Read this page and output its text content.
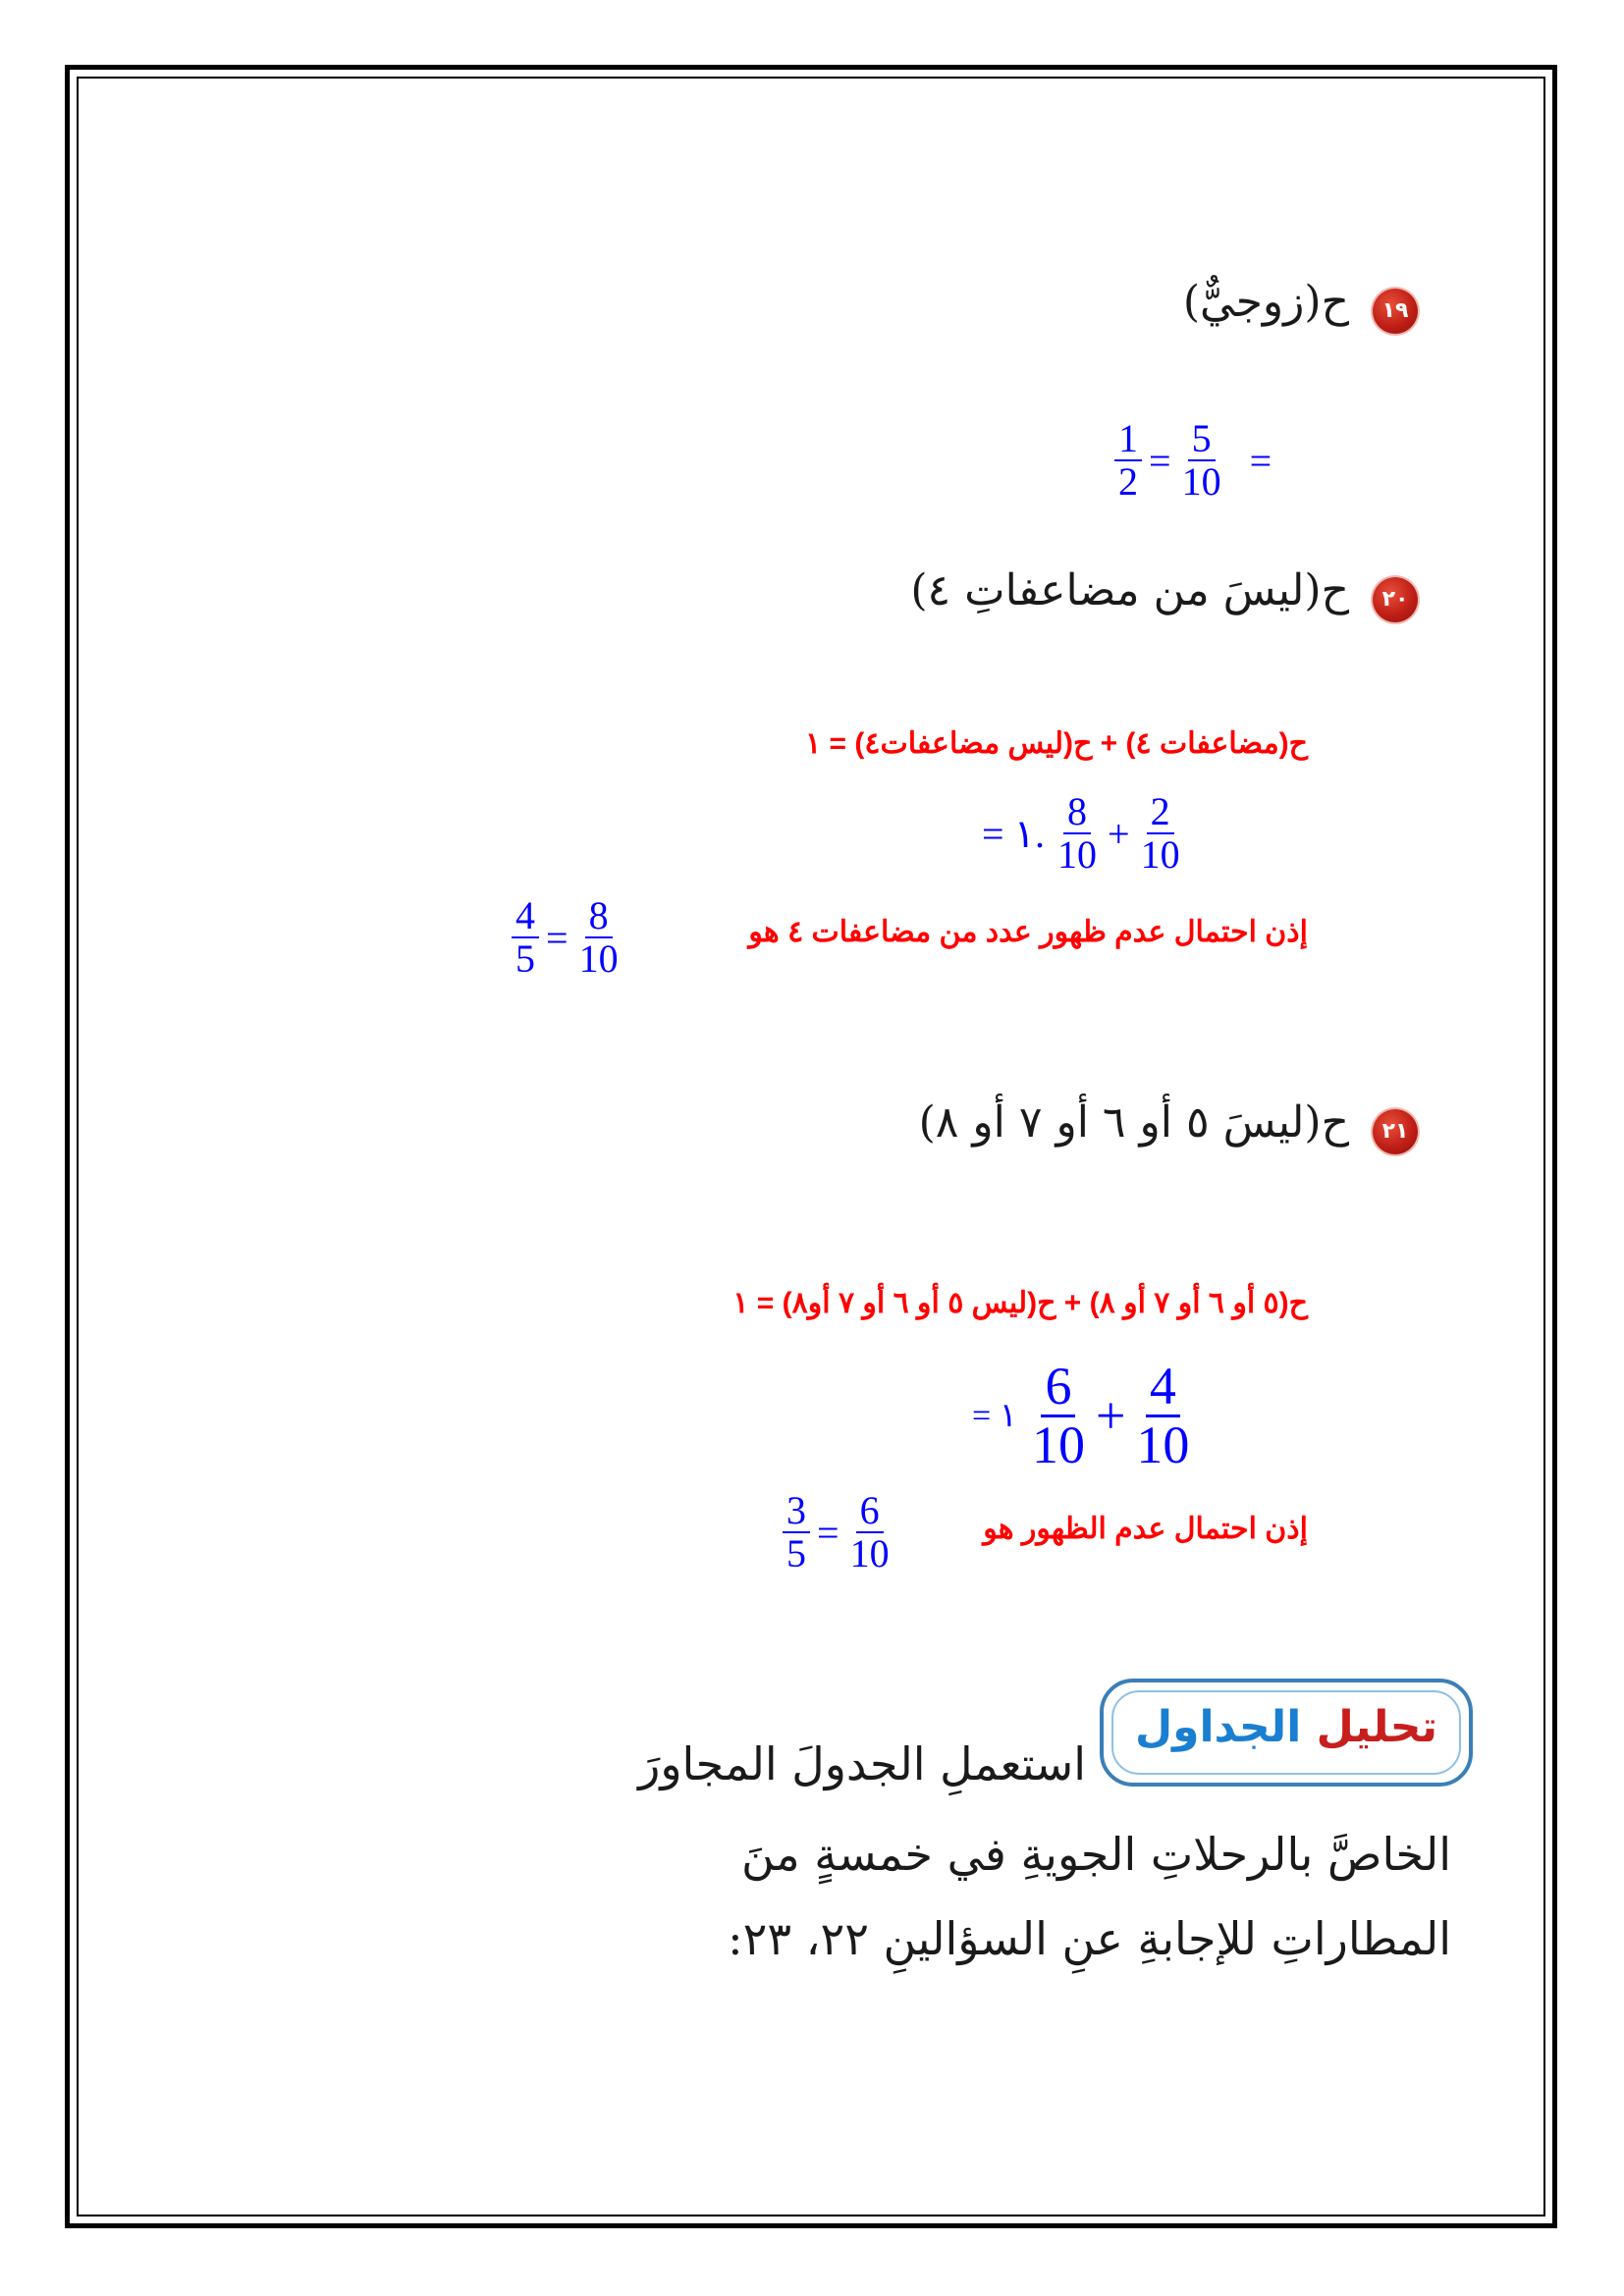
١٩
ح(زوجيٌّ)
$\frac{1}{2} = \frac{5}{10}$ =
٢٠
ح(ليسَ من مضاعفاتِ ٤)
ح(مضاعفات ٤) + ح(ليس مضاعفات٤) = ١
= ١. $\frac{8}{10} + \frac{2}{10}$
إذن احتمال عدم ظهور عدد من مضاعفات ٤ هو
$\frac{4}{5} = \frac{8}{10}$
٢١
ح(ليسَ ٥ أو ٦ أو ٧ أو ٨)
ح(٥ أو ٦ أو ٧ أو ٨) + ح(ليس ٥ أو ٦ أو ٧ أو٨) = ١
= ١ $\frac{6}{10} + \frac{4}{10}$
إذن احتمال عدم الظهور هو
$\frac{3}{5} = \frac{6}{10}$
تحليل الجداول
استعملِ الجدولَ المجاورَ
الخاصَّ بالرحلاتِ الجويةِ في خمسةٍ منَ
المطاراتِ للإجابةِ عنِ السؤالينِ ٢٢، ٢٣:
